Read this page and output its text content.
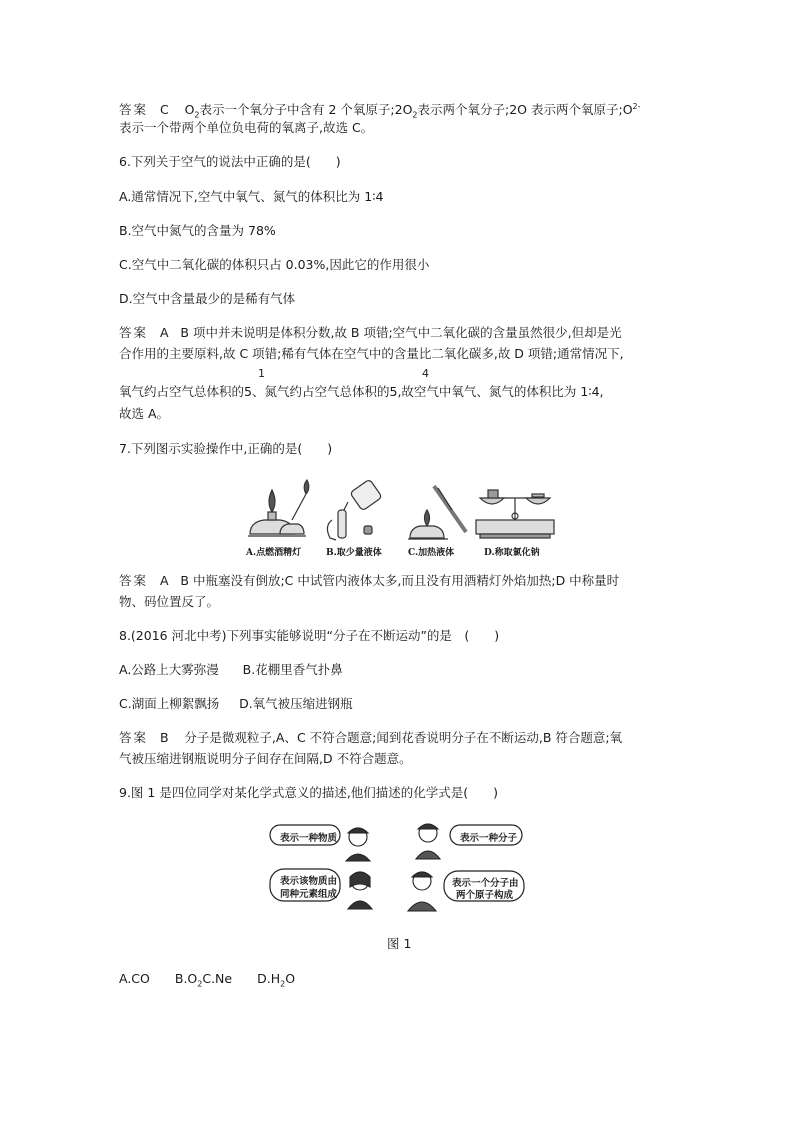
答案 C $O_2$表示一个氧分子中含有 2 个氧原子$;2O_2$表示两个氧分子;2O 表示两个氧原子$;O^{2-}$
表示一个带两个单位负电荷的氧离子,故选 C。
6.下列关于空气的说法中正确的是(　　)
A.通常情况下,空气中氧气、氮气的体积比为 1∶4
B.空气中氮气的含量为 78%
C.空气中二氧化碳的体积只占 0.03%,因此它的作用很小
D.空气中含量最少的是稀有气体
答案 A B 项中并未说明是体积分数,故 B 项错;空气中二氧化碳的含量虽然很少,但却是光
合作用的主要原料,故 C 项错;稀有气体在空气中的含量比二氧化碳多,故 D 项错;通常情况下,
1	4
氧气约占空气总体积的5、氮气约占空气总体积的5,故空气中氧气、氮气的体积比为 1∶4,
故选 A。
7.下列图示实验操作中,正确的是(　　)
A.点燃酒精灯	B.取少量液体	C.加热液体	D.称取氯化钠
答案 A B 中瓶塞没有倒放;C 中试管内液体太多,而且没有用酒精灯外焰加热;D 中称量时
物、码位置反了。
8.(2016 河北中考)下列事实能够说明“分子在不断运动”的是　(　　)
A.公路上大雾弥漫 B.花棚里香气扑鼻
C.湖面上柳絮飘扬 D.氧气被压缩进钢瓶
答案 B 分子是微观粒子,A、C 不符合题意;闻到花香说明分子在不断运动,B 符合题意;氧
气被压缩进钢瓶说明分子间存在间隔,D 不符合题意。
9.图 1 是四位同学对某化学式意义的描述,他们描述的化学式是(　　)
表示一种物质	表示一种分子
表示该物质由
同种元素组成
表示一个分子由
两个原子构成
图 1
A.CO　　$B.O_2C.Ne$　　$D.H_2O$
